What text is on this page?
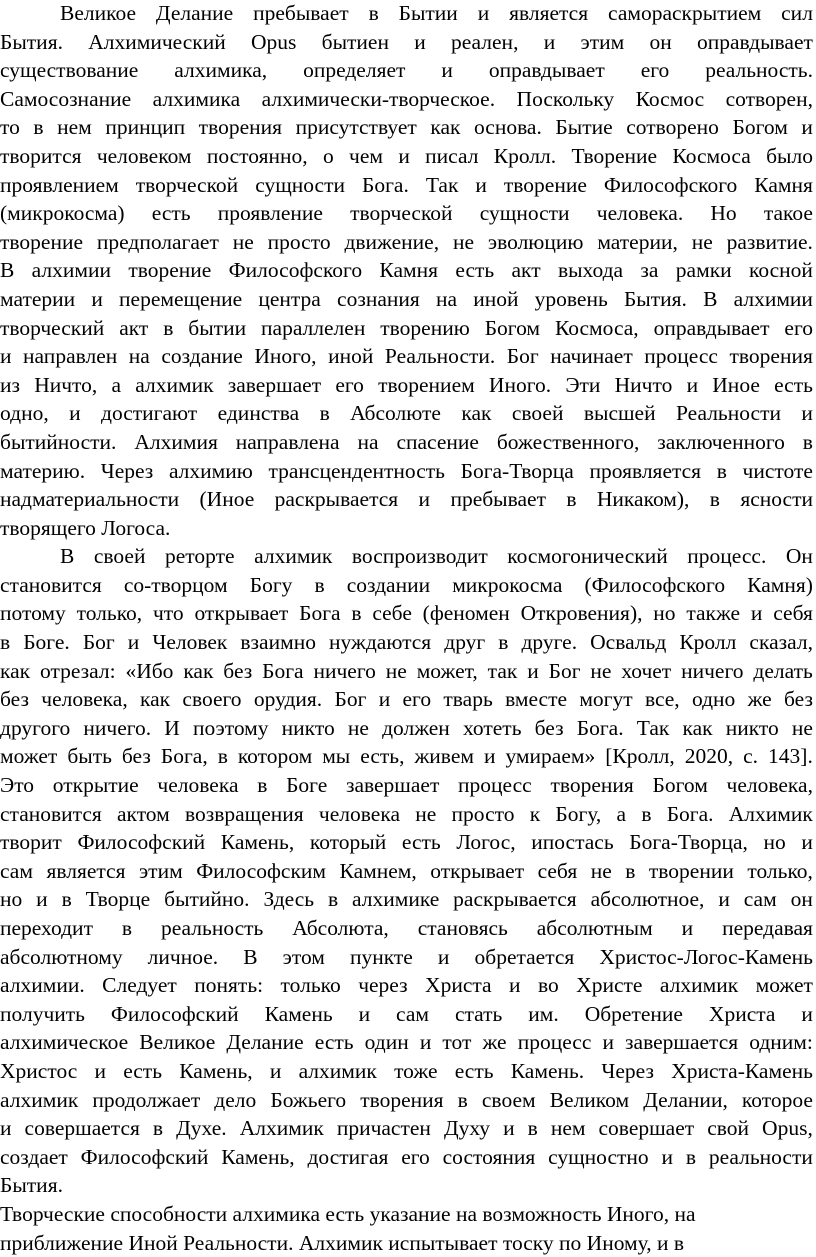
Великое Делание пребывает в Бытии и является самораскрытием сил
Бытия. Алхимический Opus бытиен и реален, и этим он оправдывает
существование алхимика, определяет и оправдывает его реальность.
Самосознание алхимика алхимически-творческое. Поскольку Космос сотворен,
то в нем принцип творения присутствует как основа. Бытие сотворено Богом и
творится человеком постоянно, о чем и писал Кролл. Творение Космоса было
проявлением творческой сущности Бога. Так и творение Философского Камня
(микрокосма) есть проявление творческой сущности человека. Но такое
творение предполагает не просто движение, не эволюцию материи, не развитие.
В алхимии творение Философского Камня есть акт выхода за рамки косной
материи и перемещение центра сознания на иной уровень Бытия. В алхимии
творческий акт в бытии параллелен творению Богом Космоса, оправдывает его
и направлен на создание Иного, иной Реальности. Бог начинает процесс творения
из Ничто, а алхимик завершает его творением Иного. Эти Ничто и Иное есть
одно, и достигают единства в Абсолюте как своей высшей Реальности и
бытийности. Алхимия направлена на спасение божественного, заключенного в
материю. Через алхимию трансцендентность Бога-Творца проявляется в чистоте
надматериальности (Иное раскрывается и пребывает в Никаком), в ясности
творящего Логоса.
В своей реторте алхимик воспроизводит космогонический процесс. Он
становится со-творцом Богу в создании микрокосма (Философского Камня)
потому только, что открывает Бога в себе (феномен Откровения), но также и себя
в Боге. Бог и Человек взаимно нуждаются друг в друге. Освальд Кролл сказал,
как отрезал: «Ибо как без Бога ничего не может, так и Бог не хочет ничего делать
без человека, как своего орудия. Бог и его тварь вместе могут все, одно же без
другого ничего. И поэтому никто не должен хотеть без Бога. Так как никто не
может быть без Бога, в котором мы есть, живем и умираем» [Кролл, 2020, с. 143].
Это открытие человека в Боге завершает процесс творения Богом человека,
становится актом возвращения человека не просто к Богу, а в Бога. Алхимик
творит Философский Камень, который есть Логос, ипостась Бога-Творца, но и
сам является этим Философским Камнем, открывает себя не в творении только,
но и в Творце бытийно. Здесь в алхимике раскрывается абсолютное, и сам он
переходит в реальность Абсолюта, становясь абсолютным и передавая
абсолютному личное. В этом пункте и обретается Христос-Логос-Камень
алхимии. Следует понять: только через Христа и во Христе алхимик может
получить Философский Камень и сам стать им. Обретение Христа и
алхимическое Великое Делание есть один и тот же процесс и завершается одним:
Христос и есть Камень, и алхимик тоже есть Камень. Через Христа-Камень
алхимик продолжает дело Божьего творения в своем Великом Делании, которое
и совершается в Духе. Алхимик причастен Духу и в нем совершает свой Opus,
создает Философский Камень, достигая его состояния сущностно и в реальности
Бытия.
Творческие способности алхимика есть указание на возможность Иного, на
приближение Иной Реальности. Алхимик испытывает тоску по Иному, и в
